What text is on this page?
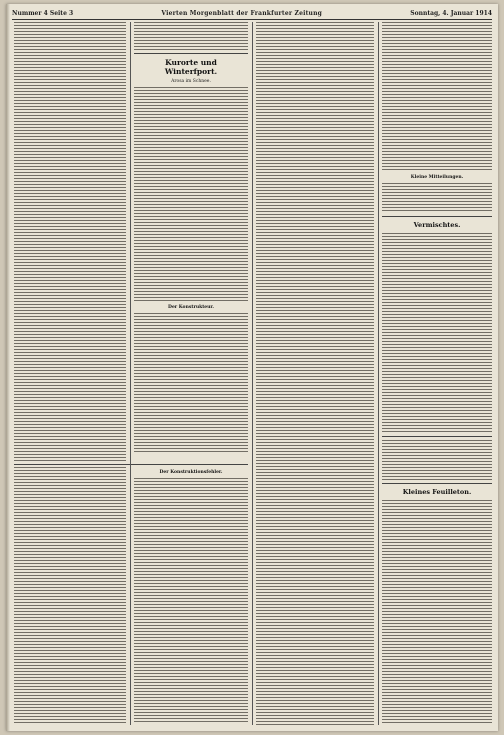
Nummer 4 Seite 3	Vierten Morgenblatt der Frankfurter Zeitung	Sonntag, 4. Januar 1914
Kurorte und
Winterfport.
Arosa im Schnee.
Der Konstrukteur.
Der Konstruktionsfehler.
Kleine Mitteilungen.
Vermischtes.
Kleines Feuilleton.
